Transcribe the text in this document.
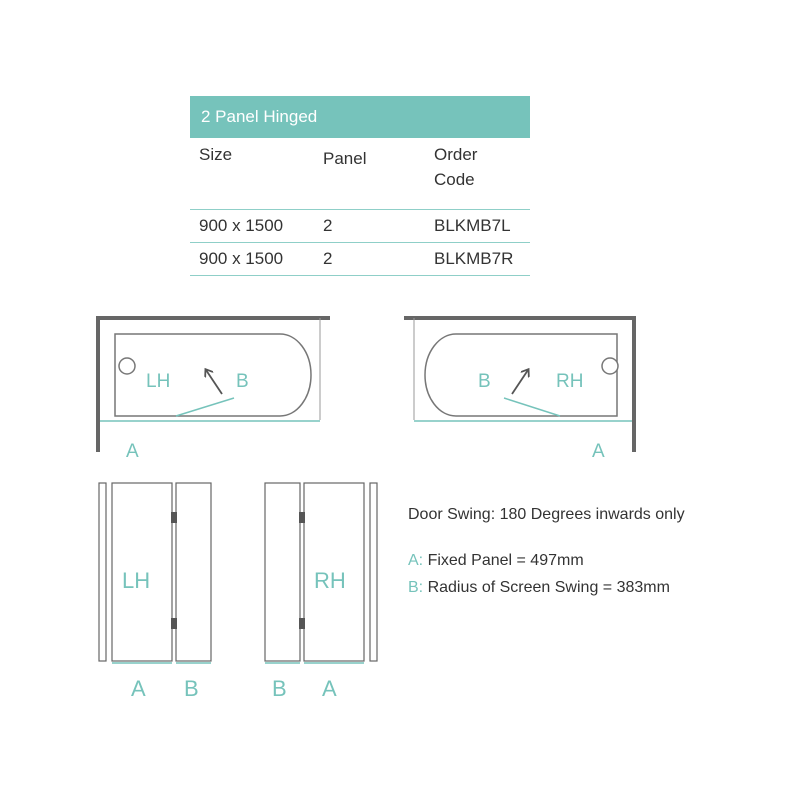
2 Panel Hinged
Size	Panel	Order
Code
900 x 1500 2	BLKMB7L
900 x 1500 2	BLKMB7R
LH	B
A
B	RH
A
LH
A B
RH
B A
Door Swing: 180 Degrees inwards only
A: Fixed Panel = 497mm
B: Radius of Screen Swing = 383mm
